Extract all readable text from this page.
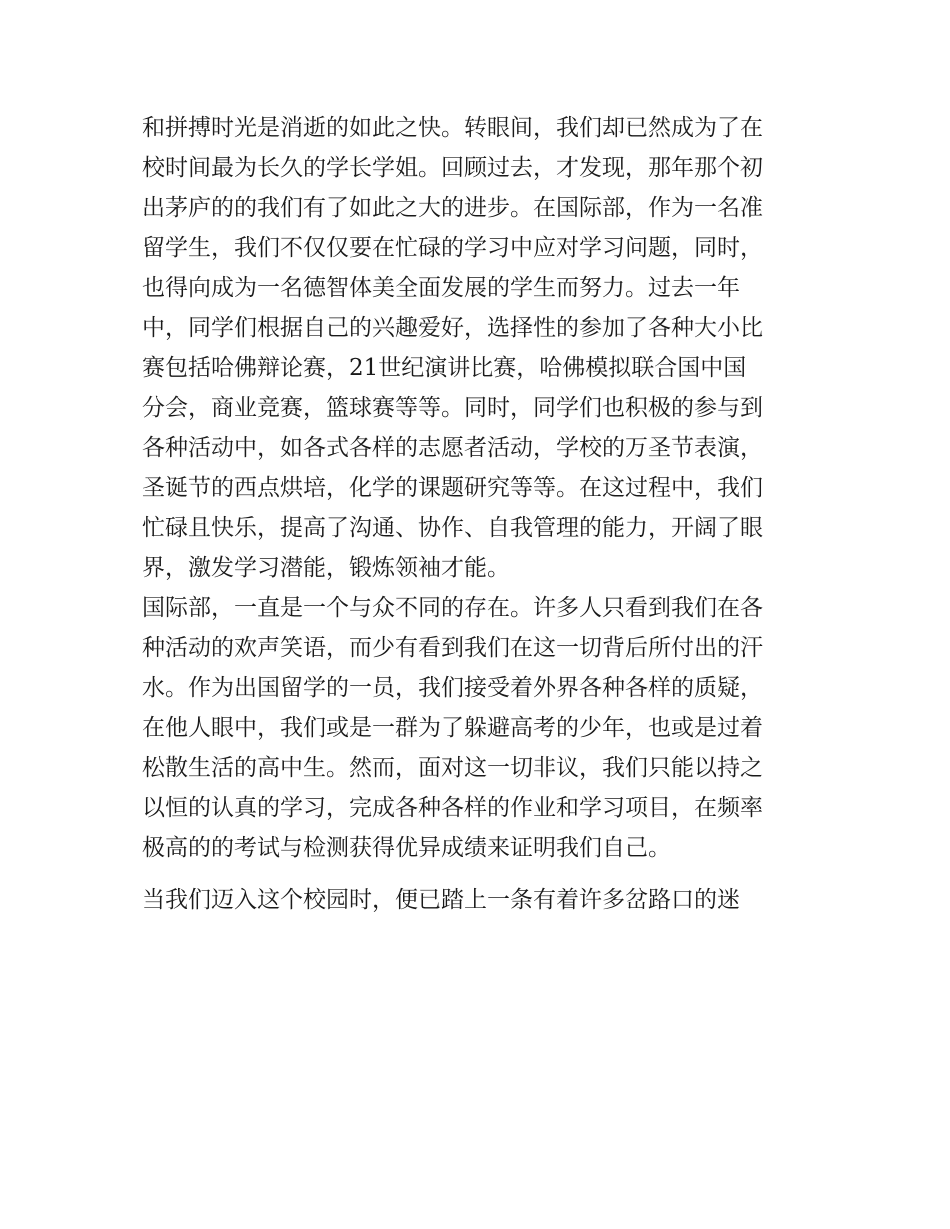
和拼搏时光是消逝的如此之快。转眼间，我们却已然成为了在
校时间最为长久的学长学姐。回顾过去，才发现，那年那个初
出茅庐的的我们有了如此之大的进步。在国际部，作为一名准
留学生，我们不仅仅要在忙碌的学习中应对学习问题，同时，
也得向成为一名德智体美全面发展的学生而努力。过去一年
中，同学们根据自己的兴趣爱好，选择性的参加了各种大小比
赛包括哈佛辩论赛，21世纪演讲比赛，哈佛模拟联合国中国
分会，商业竞赛，篮球赛等等。同时，同学们也积极的参与到
各种活动中，如各式各样的志愿者活动，学校的万圣节表演，
圣诞节的西点烘培，化学的课题研究等等。在这过程中，我们
忙碌且快乐，提高了沟通、协作、自我管理的能力，开阔了眼
界，激发学习潜能，锻炼领袖才能。
国际部，一直是一个与众不同的存在。许多人只看到我们在各
种活动的欢声笑语，而少有看到我们在这一切背后所付出的汗
水。作为出国留学的一员，我们接受着外界各种各样的质疑，
在他人眼中，我们或是一群为了躲避高考的少年，也或是过着
松散生活的高中生。然而，面对这一切非议，我们只能以持之
以恒的认真的学习，完成各种各样的作业和学习项目，在频率
极高的的考试与检测获得优异成绩来证明我们自己。
当我们迈入这个校园时，便已踏上一条有着许多岔路口的迷
